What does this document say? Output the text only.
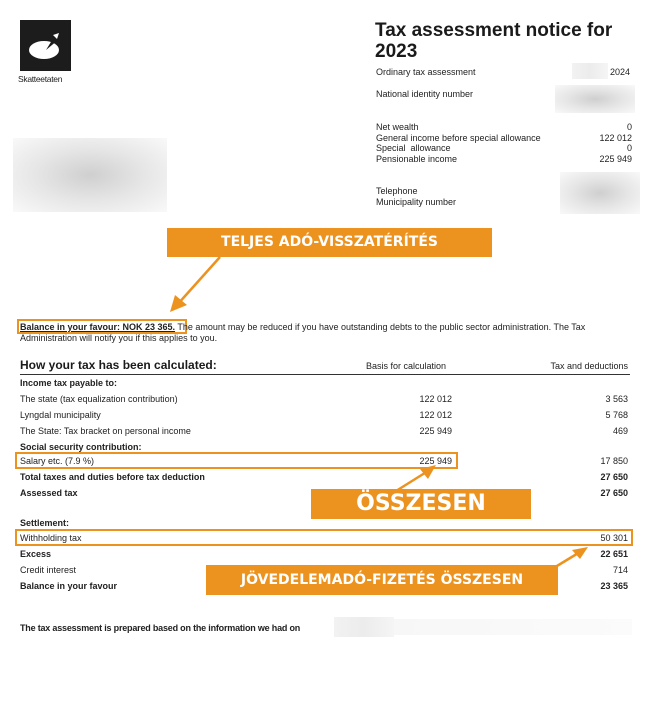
Skatteetaten
Tax assessment notice for
2023
Ordinary tax assessment	2024
National identity number
Net wealth	0
General income before special allowance	122 012
Special  allowance	0
Pensionable income	225 949
Telephone
Municipality number
TELJES ADÓ-VISSZATÉRÍTÉS
Balance in your favour: NOK 23 365. The amount may be reduced if you have outstanding debts to the public sector administration. The Tax
Administration will notify you if this applies to you.
How your tax has been calculated:	Basis for calculation	Tax and deductions
Income tax payable to:
The state (tax equalization contribution)	122 012	3 563
Lyngdal municipality	122 012	5 768
The State: Tax bracket on personal income	225 949	469
Social security contribution:
Salary etc. (7.9 %)	225 949	17 850
Total taxes and duties before tax deduction	27 650
Assessed tax	27 650
ÖSSZESEN
Settlement:
Withholding tax	50 301
Excess	22 651
Credit interest	714
Balance in your favour	23 365
JÖVEDELEMADÓ-FIZETÉS ÖSSZESEN
The tax assessment is prepared based on the information we had on
